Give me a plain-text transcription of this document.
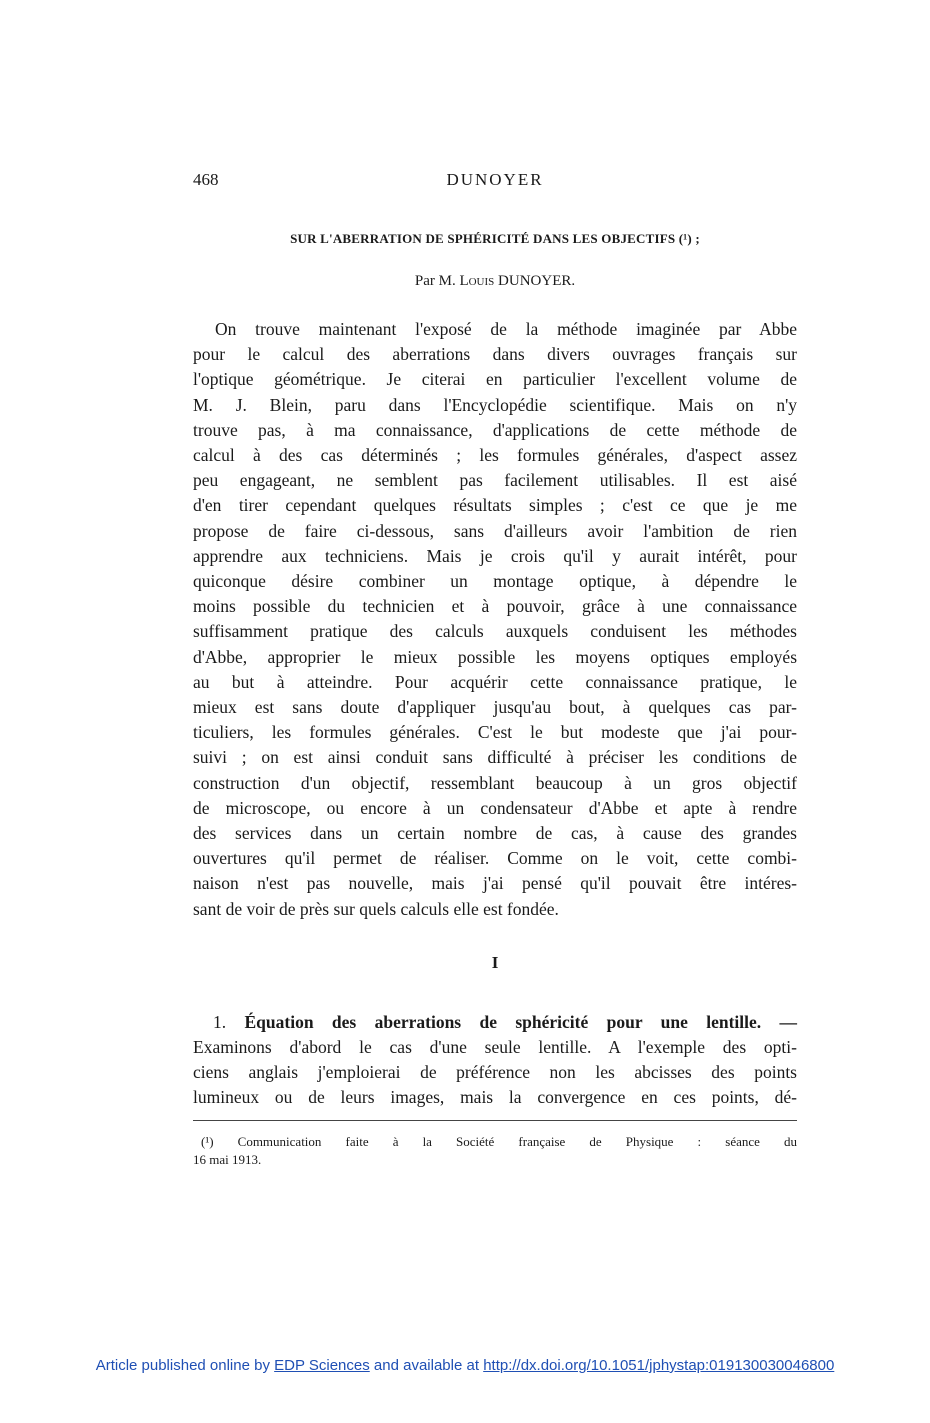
468	DUNOYER
SUR L'ABERRATION DE SPHÉRICITÉ DANS LES OBJECTIFS (¹) ;
Par M. Louis DUNOYER.

On trouve maintenant l'exposé de la méthode imaginée par Abbe
pour le calcul des aberrations dans divers ouvrages français sur
l'optique géométrique. Je citerai en particulier l'excellent volume de
M. J. Blein, paru dans l'Encyclopédie scientifique. Mais on n'y
trouve pas, à ma connaissance, d'applications de cette méthode de
calcul à des cas déterminés ; les formules générales, d'aspect assez
peu engageant, ne semblent pas facilement utilisables. Il est aisé
d'en tirer cependant quelques résultats simples ; c'est ce que je me
propose de faire ci-dessous, sans d'ailleurs avoir l'ambition de rien
apprendre aux techniciens. Mais je crois qu'il y aurait intérêt, pour
quiconque désire combiner un montage optique, à dépendre le
moins possible du technicien et à pouvoir, grâce à une connaissance
suffisamment pratique des calculs auxquels conduisent les méthodes
d'Abbe, approprier le mieux possible les moyens optiques employés
au but à atteindre. Pour acquérir cette connaissance pratique, le
mieux est sans doute d'appliquer jusqu'au bout, à quelques cas par-
ticuliers, les formules générales. C'est le but modeste que j'ai pour-
suivi ; on est ainsi conduit sans difficulté à préciser les conditions de
construction d'un objectif, ressemblant beaucoup à un gros objectif
de microscope, ou encore à un condensateur d'Abbe et apte à rendre
des services dans un certain nombre de cas, à cause des grandes
ouvertures qu'il permet de réaliser. Comme on le voit, cette combi-
naison n'est pas nouvelle, mais j'ai pensé qu'il pouvait être intéres-
sant de voir de près sur quels calculs elle est fondée.

I

1. Équation des aberrations de sphéricité pour une lentille. —
Examinons d'abord le cas d'une seule lentille. A l'exemple des opti-
ciens anglais j'emploierai de préférence non les abcisses des points
lumineux ou de leurs images, mais la convergence en ces points, dé-

(¹) Communication faite à la Société française de Physique : séance du
16 mai 1913.

Article published online by EDP Sciences and available at http://dx.doi.org/10.1051/jphystap:019130030046800
